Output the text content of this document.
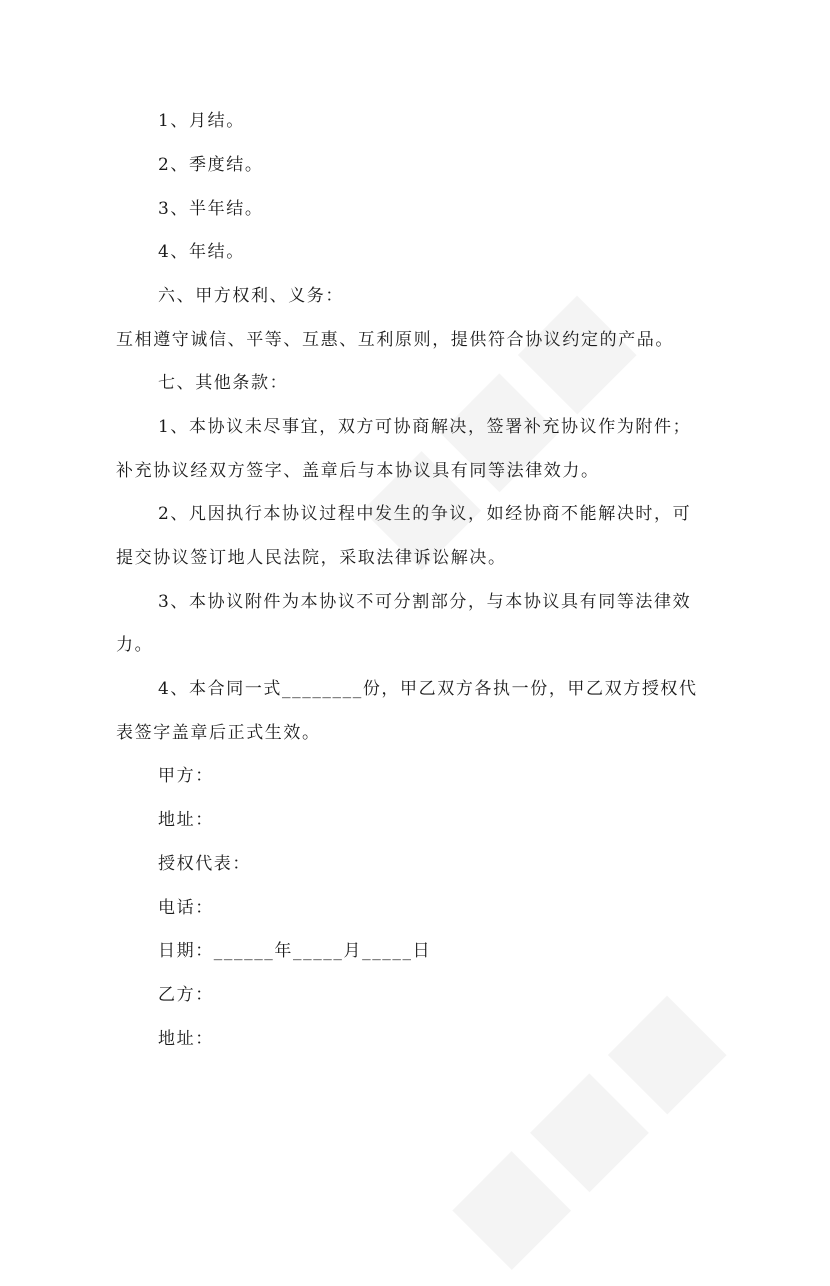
1、月结。
2、季度结。
3、半年结。
4、年结。
六、甲方权利、义务：
互相遵守诚信、平等、互惠、互利原则，提供符合协议约定的产品。
七、其他条款：
1、本协议未尽事宜，双方可协商解决，签署补充协议作为附件；
补充协议经双方签字、盖章后与本协议具有同等法律效力。
2、凡因执行本协议过程中发生的争议，如经协商不能解决时，可
提交协议签订地人民法院，采取法律诉讼解决。
3、本协议附件为本协议不可分割部分，与本协议具有同等法律效
力。
4、本合同一式________份，甲乙双方各执一份，甲乙双方授权代
表签字盖章后正式生效。
甲方：
地址：
授权代表：
电话：
日期：______年_____月_____日
乙方：
地址：
